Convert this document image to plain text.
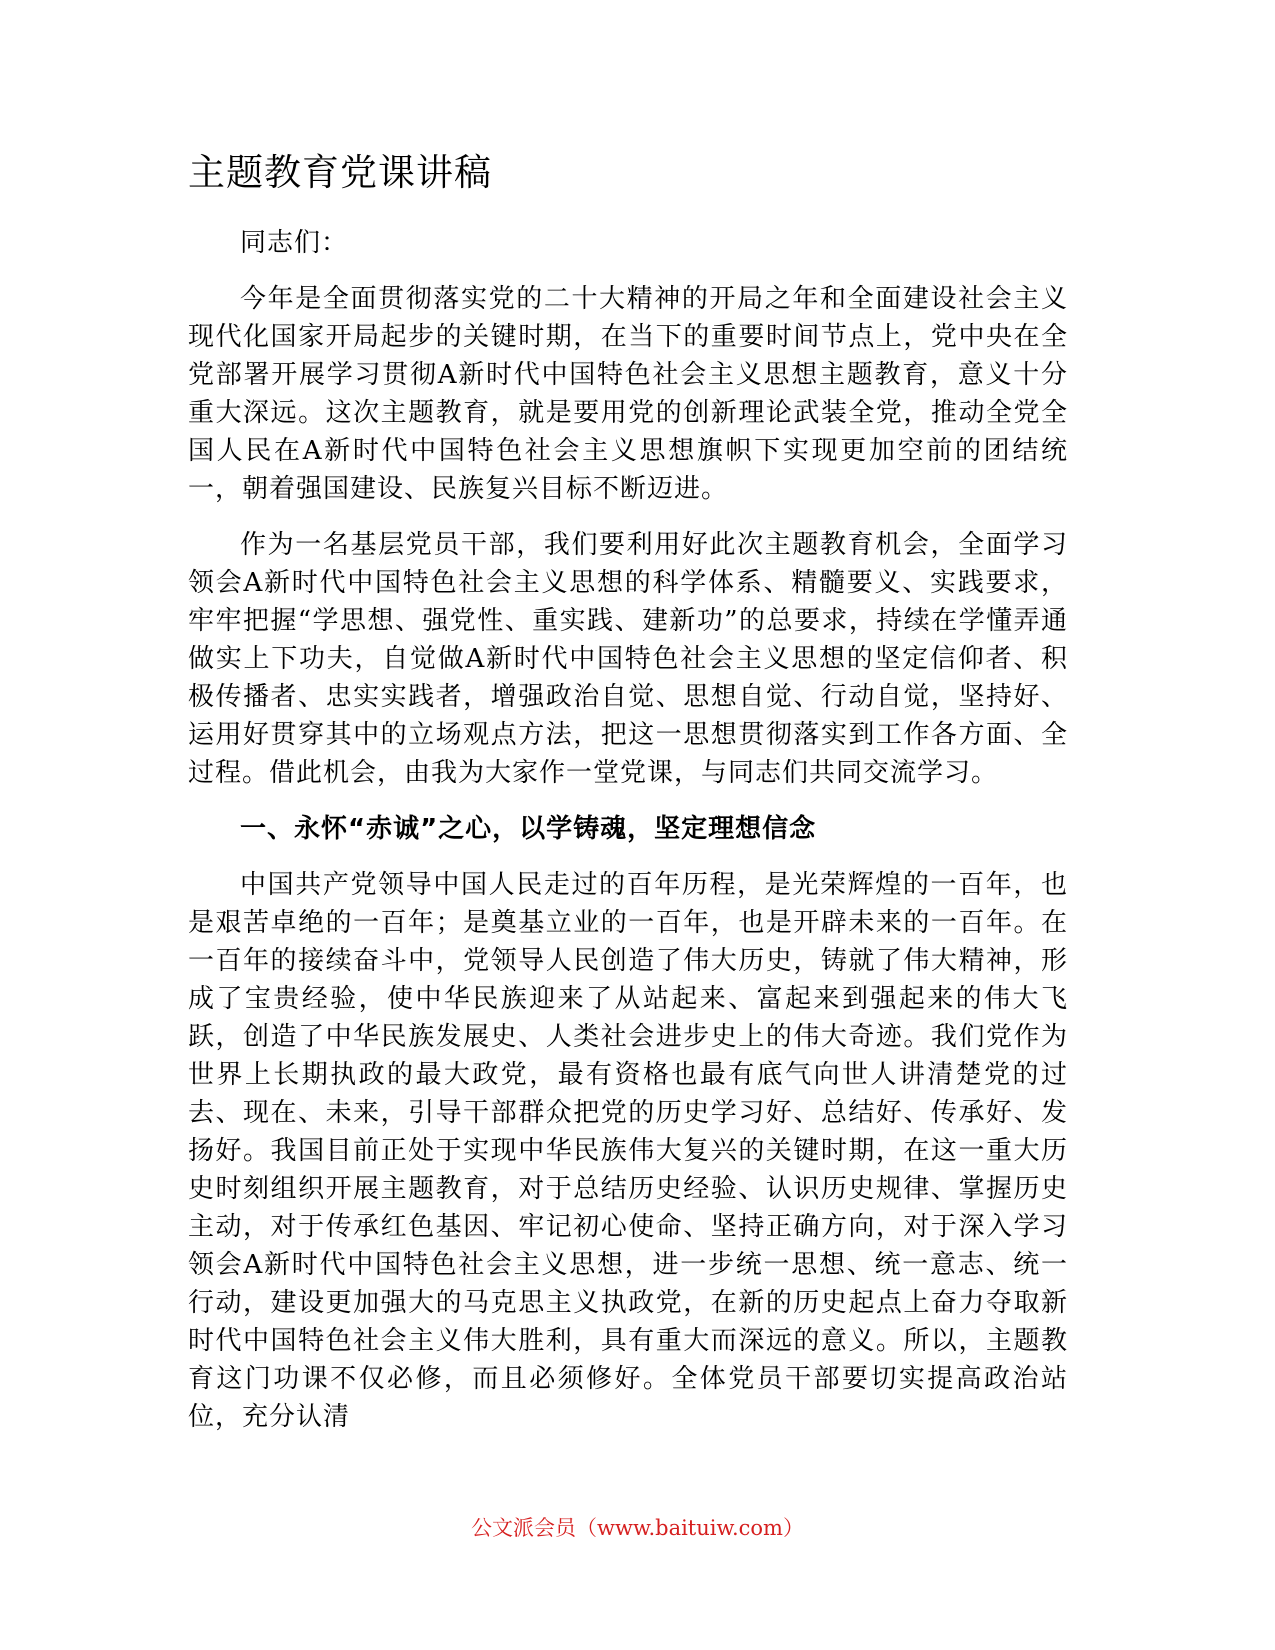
主题教育党课讲稿

同志们：

今年是全面贯彻落实党的二十大精神的开局之年和全面建设社会主义现代化国家开局起步的关键时期，在当下的重要时间节点上，党中央在全党部署开展学习贯彻A新时代中国特色社会主义思想主题教育，意义十分重大深远。这次主题教育，就是要用党的创新理论武装全党，推动全党全国人民在A新时代中国特色社会主义思想旗帜下实现更加空前的团结统一，朝着强国建设、民族复兴目标不断迈进。

作为一名基层党员干部，我们要利用好此次主题教育机会，全面学习领会A新时代中国特色社会主义思想的科学体系、精髓要义、实践要求，牢牢把握“学思想、强党性、重实践、建新功”的总要求，持续在学懂弄通做实上下功夫，自觉做A新时代中国特色社会主义思想的坚定信仰者、积极传播者、忠实实践者，增强政治自觉、思想自觉、行动自觉，坚持好、运用好贯穿其中的立场观点方法，把这一思想贯彻落实到工作各方面、全过程。借此机会，由我为大家作一堂党课，与同志们共同交流学习。

一、永怀“赤诚”之心，以学铸魂，坚定理想信念

中国共产党领导中国人民走过的百年历程，是光荣辉煌的一百年，也是艰苦卓绝的一百年；是奠基立业的一百年，也是开辟未来的一百年。在一百年的接续奋斗中，党领导人民创造了伟大历史，铸就了伟大精神，形成了宝贵经验，使中华民族迎来了从站起来、富起来到强起来的伟大飞跃，创造了中华民族发展史、人类社会进步史上的伟大奇迹。我们党作为世界上长期执政的最大政党，最有资格也最有底气向世人讲清楚党的过去、现在、未来，引导干部群众把党的历史学习好、总结好、传承好、发扬好。我国目前正处于实现中华民族伟大复兴的关键时期，在这一重大历史时刻组织开展主题教育，对于总结历史经验、认识历史规律、掌握历史主动，对于传承红色基因、牢记初心使命、坚持正确方向，对于深入学习领会A新时代中国特色社会主义思想，进一步统一思想、统一意志、统一行动，建设更加强大的马克思主义执政党，在新的历史起点上奋力夺取新时代中国特色社会主义伟大胜利，具有重大而深远的意义。所以，主题教育这门功课不仅必修，而且必须修好。全体党员干部要切实提高政治站位，充分认清

公文派会员（www.baituiw.com）
